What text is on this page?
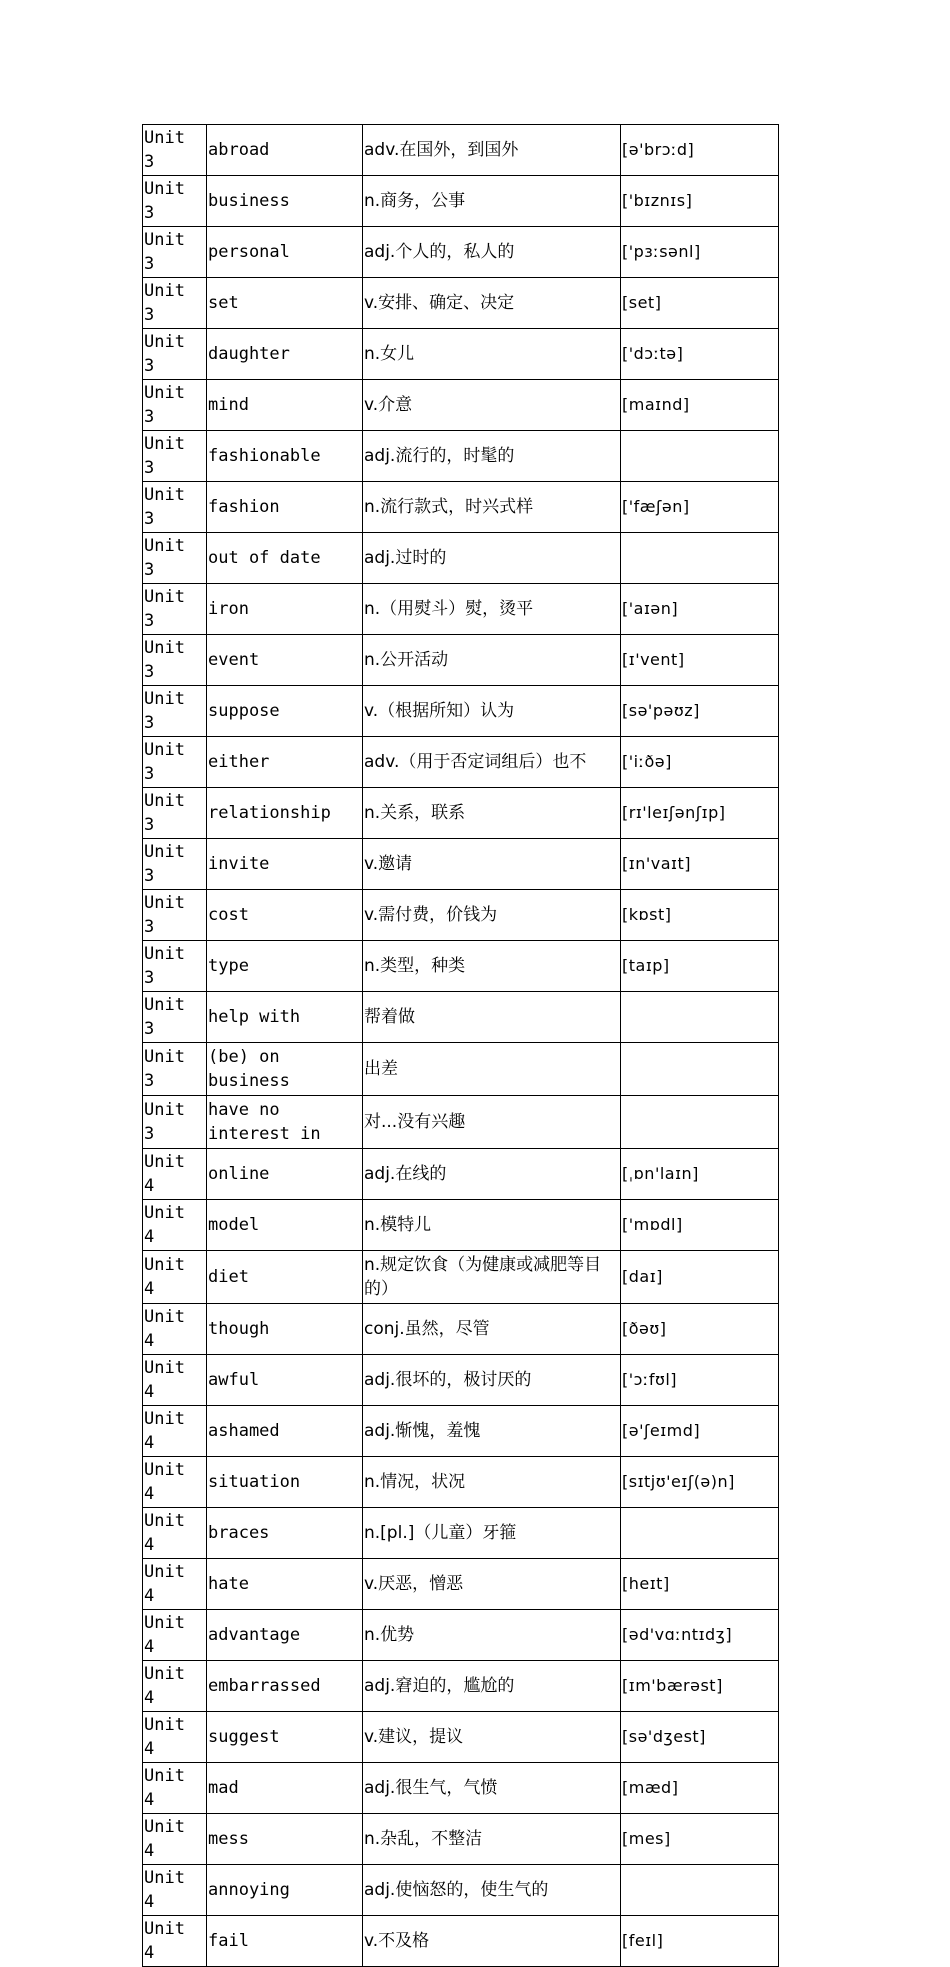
Unit 3	abroad	adv.在国外，到国外	[ə'brɔːd]
Unit 3	business	n.商务，公事	['bɪznɪs]
Unit 3	personal	adj.个人的，私人的	['pɜːsənl]
Unit 3	set	v.安排、确定、决定	[set]
Unit 3	daughter	n.女儿	['dɔːtə]
Unit 3	mind	v.介意	[maɪnd]
Unit 3	fashionable	adj.流行的，时髦的	
Unit 3	fashion	n.流行款式，时兴式样	['fæʃən]
Unit 3	out of date	adj.过时的	
Unit 3	iron	n.（用熨斗）熨，烫平	['aɪən]
Unit 3	event	n.公开活动	[ɪ'vent]
Unit 3	suppose	v.（根据所知）认为	[sə'pəʊz]
Unit 3	either	adv.（用于否定词组后）也不	['iːðə]
Unit 3	relationship	n.关系，联系	[rɪ'leɪʃənʃɪp]
Unit 3	invite	v.邀请	[ɪn'vaɪt]
Unit 3	cost	v.需付费，价钱为	[kɒst]
Unit 3	type	n.类型，种类	[taɪp]
Unit 3	help with	帮着做	
Unit 3	(be) on business	出差	
Unit 3	have no interest in	对...没有兴趣	
Unit 4	online	adj.在线的	[ˌɒn'laɪn]
Unit 4	model	n.模特儿	['mɒdl]
Unit 4	diet	n.规定饮食（为健康或减肥等目的）	[daɪ]
Unit 4	though	conj.虽然，尽管	[ðəʊ]
Unit 4	awful	adj.很坏的，极讨厌的	['ɔːfʊl]
Unit 4	ashamed	adj.惭愧，羞愧	[ə'ʃeɪmd]
Unit 4	situation	n.情况，状况	[sɪtjʊ'eɪʃ(ə)n]
Unit 4	braces	n.[pl.]（儿童）牙箍	
Unit 4	hate	v.厌恶，憎恶	[heɪt]
Unit 4	advantage	n.优势	[əd'vɑːntɪdʒ]
Unit 4	embarrassed	adj.窘迫的，尴尬的	[ɪm'bærəst]
Unit 4	suggest	v.建议，提议	[sə'dʒest]
Unit 4	mad	adj.很生气，气愤	[mæd]
Unit 4	mess	n.杂乱，不整洁	[mes]
Unit 4	annoying	adj.使恼怒的，使生气的	
Unit 4	fail	v.不及格	[feɪl]
